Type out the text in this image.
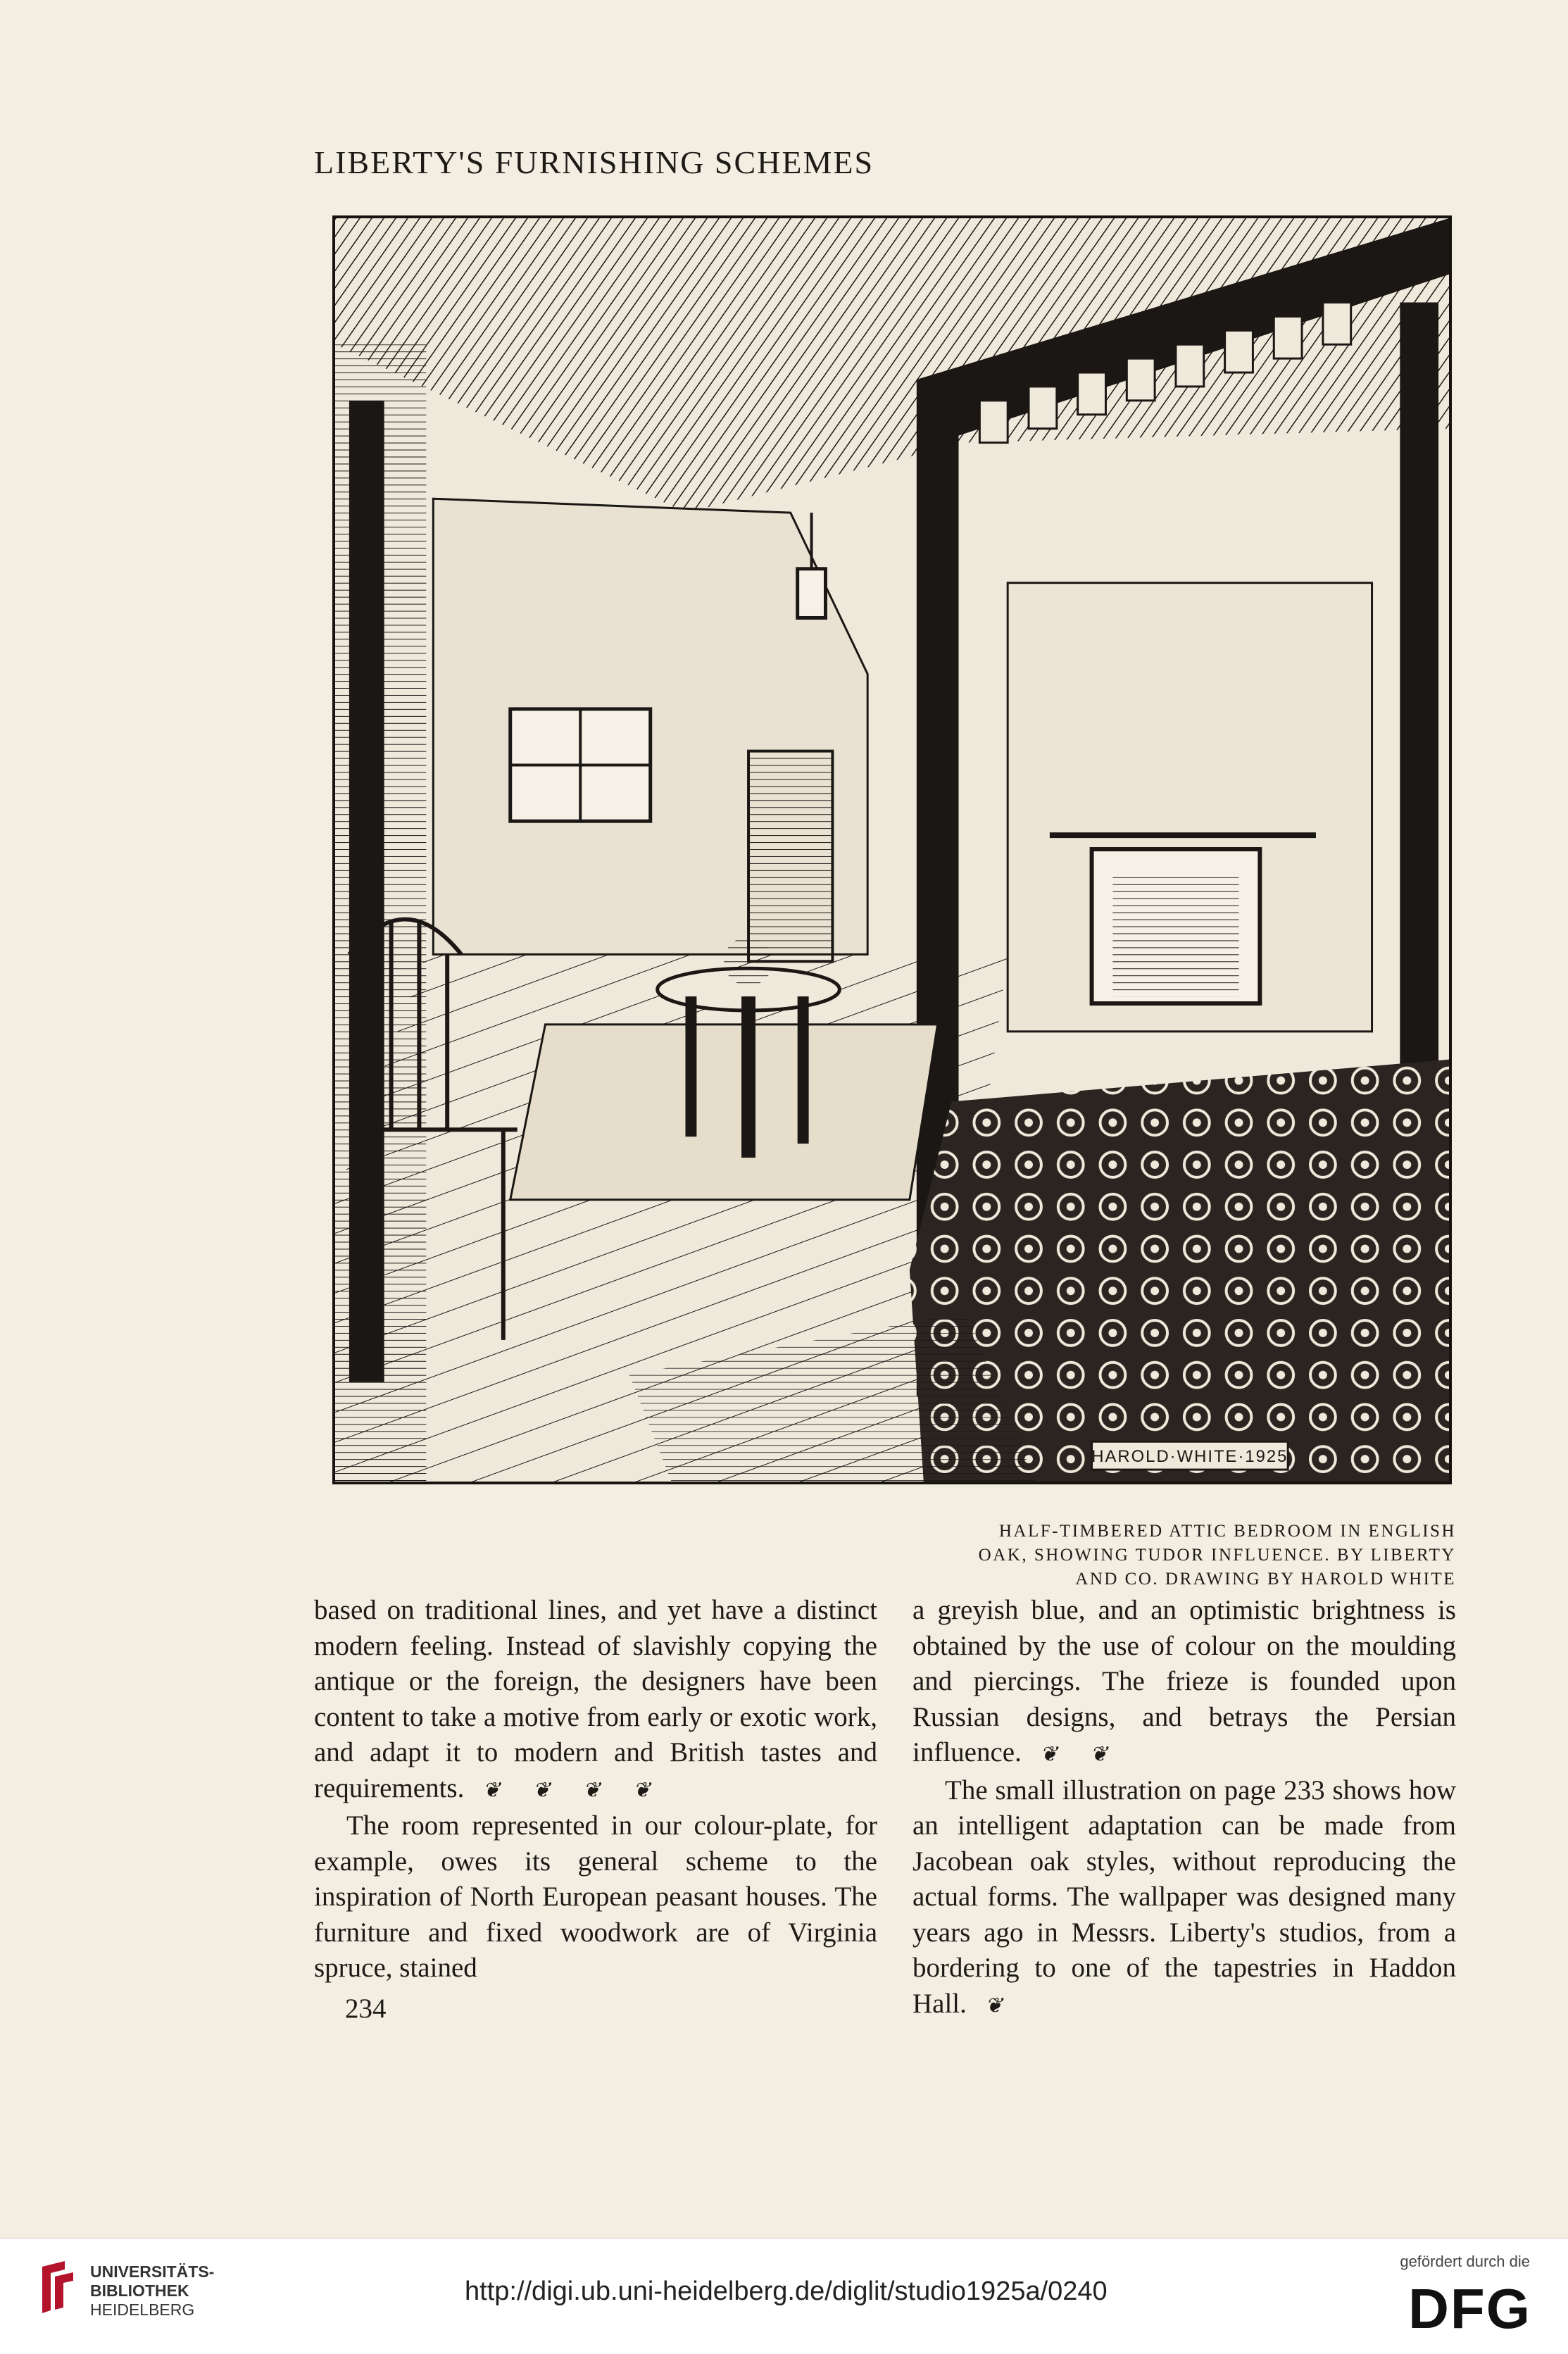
LIBERTY'S FURNISHING SCHEMES
HAROLD·WHITE·1925
HALF-TIMBERED ATTIC BEDROOM IN ENGLISH
OAK, SHOWING TUDOR INFLUENCE. BY LIBERTY
AND CO. DRAWING BY HAROLD WHITE

based on traditional lines, and yet have a distinct modern feeling. Instead of slavishly copying the antique or the foreign, the designers have been content to take a motive from early or exotic work, and adapt it to modern and British tastes and requirements. ❦❦❦❦

The room represented in our colour-plate, for example, owes its general scheme to the inspiration of North European peasant houses. The furniture and fixed woodwork are of Virginia spruce, stained

a greyish blue, and an optimistic brightness is obtained by the use of colour on the moulding and piercings. The frieze is founded upon Russian designs, and betrays the Persian influence. ❦❦

The small illustration on page 233 shows how an intelligent adaptation can be made from Jacobean oak styles, without reproducing the actual forms. The wallpaper was designed many years ago in Messrs. Liberty's studios, from a bordering to one of the tapestries in Haddon Hall. ❦

234
UNIVERSITÄTS-
BIBLIOTHEK
HEIDELBERG
http://digi.ub.uni-heidelberg.de/diglit/studio1925a/0240
gefördert durch die
DFG
